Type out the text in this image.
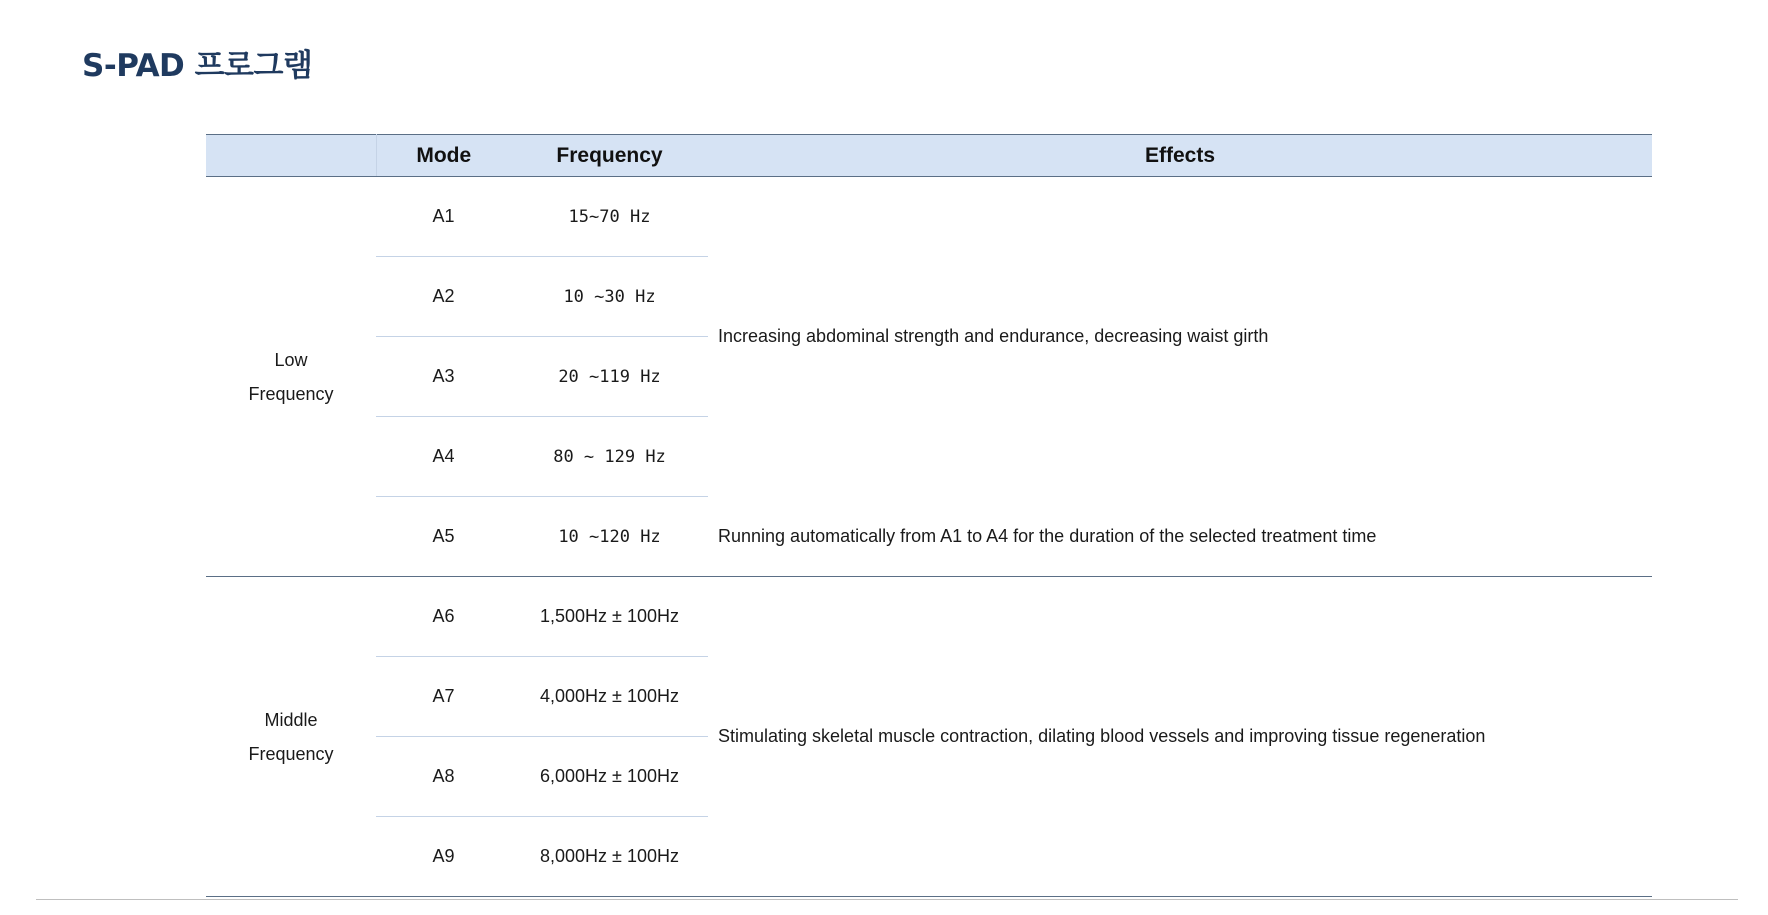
S-PAD 프로그램
	Mode	Frequency	Effects

Low
Frequency	A1	15~70 Hz	Increasing abdominal strength and endurance, decreasing waist girth
	A2	10 ~30 Hz	
	A3	20 ~119 Hz	
	A4	80 ~ 129 Hz	
	A5	10 ~120 Hz	Running automatically from A1 to A4 for the duration of the selected treatment time

Middle
Frequency	A6	1,500Hz ± 100Hz	Stimulating skeletal muscle contraction, dilating blood vessels and improving tissue regeneration
	A7	4,000Hz ± 100Hz	
	A8	6,000Hz ± 100Hz	
	A9	8,000Hz ± 100Hz	
